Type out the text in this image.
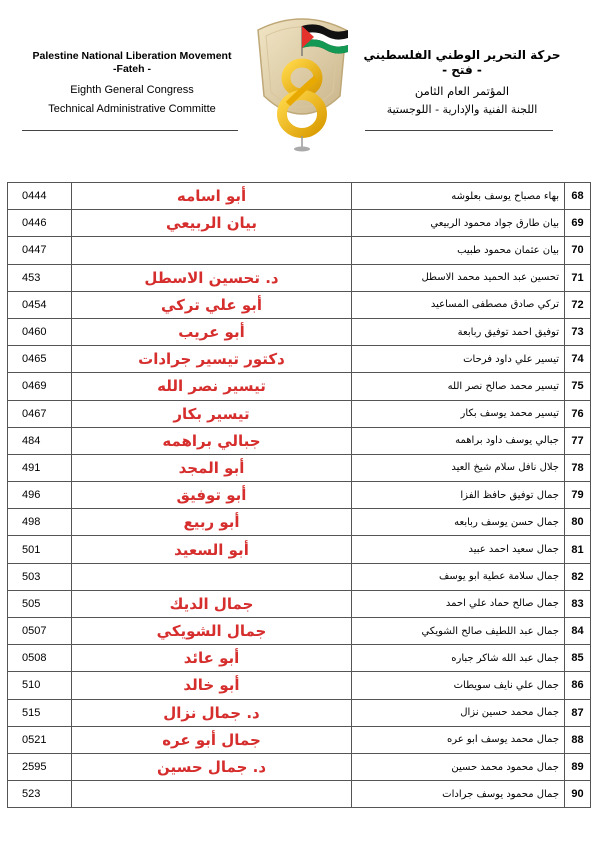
Palestine National Liberation Movement
-Fateh -
Eighth General Congress
Technical Administrative Committe
حركة التحرير الوطني الفلسطيني
- فتح -
المؤتمر العام الثامن
اللجنة الفنية والإدارية - اللوجستية
0444	أبو اسامه	بهاء مصباح يوسف بعلوشه	68
0446	بيان الربيعي	بيان طارق جواد محمود الربيعي	69
0447		بيان عثمان محمود طبيب	70
453	د. تحسين الاسطل	تحسين عبد الحميد محمد الاسطل	71
0454	أبو علي تركي	تركي صادق مصطفى المساعيد	72
0460	أبو عريب	توفيق احمد توفيق ربابعة	73
0465	دكتور تيسير جرادات	تيسير علي داود فرحات	74
0469	تيسير نصر الله	تيسير محمد صالح نصر الله	75
0467	تيسير بكار	تيسير محمد يوسف بكار	76
484	جبالي براهمه	جبالي يوسف داود براهمه	77
491	أبو المجد	جلال نافل سلام شيخ العيد	78
496	أبو توفيق	جمال توفيق حافظ الفزا	79
498	أبو ربيع	جمال حسن يوسف ربابعه	80
501	أبو السعيد	جمال سعيد احمد عبيد	81
503		جمال سلامة عطية ابو يوسف	82
505	جمال الديك	جمال صالح حماد علي احمد	83
0507	جمال الشويكي	جمال عبد اللطيف صالح الشويكي	84
0508	أبو عائد	جمال عبد الله شاكر جباره	85
510	أبو خالد	جمال علي نايف سويطات	86
515	د. جمال نزال	جمال محمد حسين نزال	87
0521	جمال أبو عره	جمال محمد يوسف ابو عره	88
2595	د. جمال حسين	جمال محمود محمد حسين	89
523		جمال محمود يوسف جرادات	90
